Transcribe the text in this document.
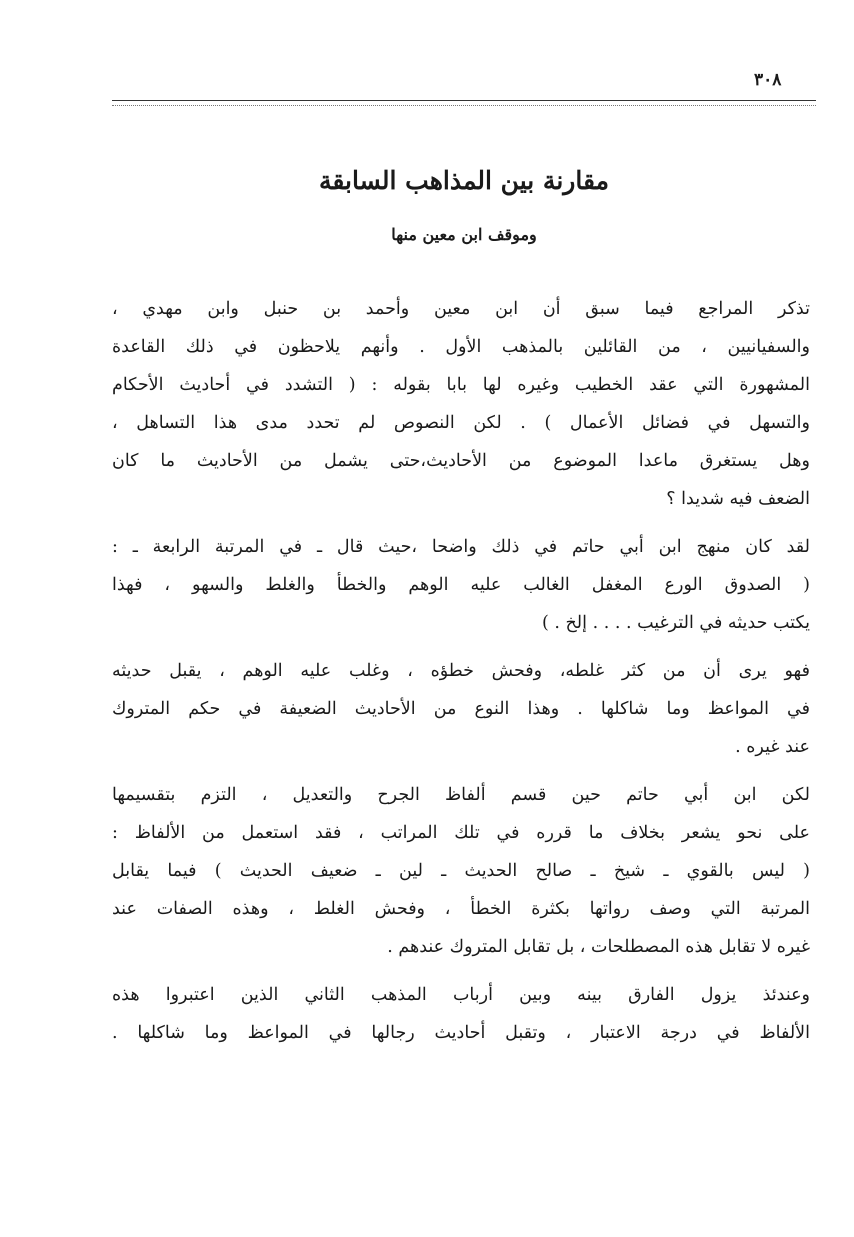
٣٠٨
مقارنة بين المذاهب السابقة
وموقف ابن معين منها

تذكر المراجع فيما سبق أن ابن معين وأحمد بن حنبل وابن مهدي ،
والسفيانيين ، من القائلين بالمذهب الأول . وأنهم يلاحظون في ذلك القاعدة
المشهورة التي عقد الخطيب وغيره لها بابا بقوله : ( التشدد في أحاديث الأحكام
والتسهل في فضائل الأعمال ) . لكن النصوص لم تحدد مدى هذا التساهل ،
وهل يستغرق ماعدا الموضوع من الأحاديث،حتى يشمل من الأحاديث ما كان
الضعف فيه شديدا ؟

لقد كان منهج ابن أبي حاتم في ذلك واضحا ،حيث قال ـ في المرتبة الرابعة ـ :
( الصدوق الورع المغفل الغالب عليه الوهم والخطأ والغلط والسهو ، فهذا
يكتب حديثه في الترغيب . . . . إلخ . )

فهو يرى أن من كثر غلطه، وفحش خطؤه ، وغلب عليه الوهم ، يقبل حديثه
في المواعظ وما شاكلها . وهذا النوع من الأحاديث الضعيفة في حكم المتروك
عند غيره .

لكن ابن أبي حاتم حين قسم ألفاظ الجرح والتعديل ، التزم بتقسيمها
على نحو يشعر بخلاف ما قرره في تلك المراتب ، فقد استعمل من الألفاظ :
( ليس بالقوي ـ شيخ ـ صالح الحديث ـ لين ـ ضعيف الحديث ) فيما يقابل
المرتبة التي وصف رواتها بكثرة الخطأ ، وفحش الغلط ، وهذه الصفات عند
غيره لا تقابل هذه المصطلحات ، بل تقابل المتروك عندهم .

وعندئذ يزول الفارق بينه وبين أرباب المذهب الثاني الذين اعتبروا هذه
الألفاظ في درجة الاعتبار ، وتقبل أحاديث رجالها في المواعظ وما شاكلها .
